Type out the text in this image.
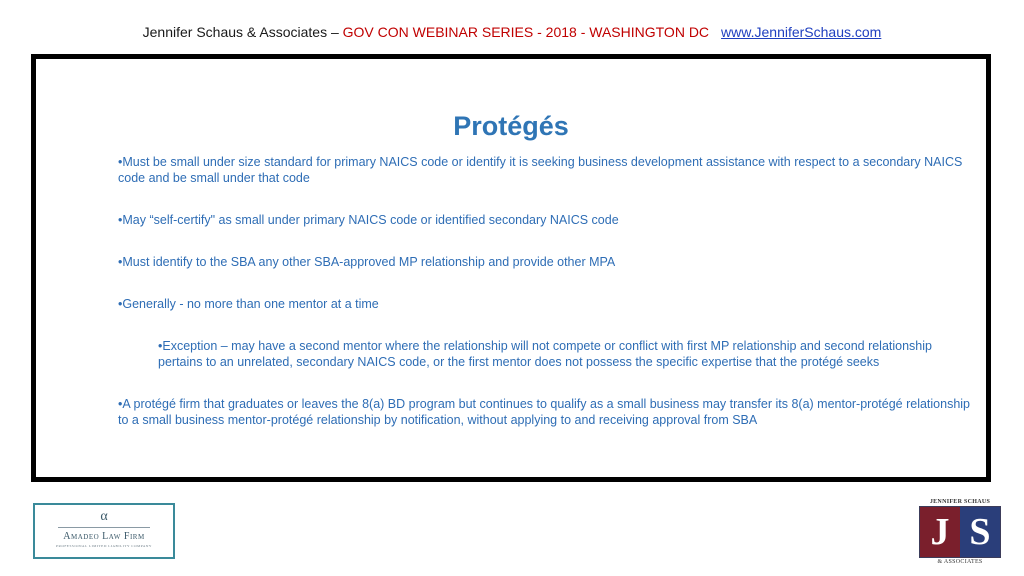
Jennifer Schaus & Associates – GOV CON WEBINAR SERIES - 2018 - WASHINGTON DC www.JenniferSchaus.com
Protégés
•Must be small under size standard for primary NAICS code or identify it is seeking business development assistance with respect to a secondary NAICS code and be small under that code
•May “self-certify" as small under primary NAICS code or identified secondary NAICS code
•Must identify to the SBA any other SBA-approved MP relationship and provide other MPA
•Generally - no more than one mentor at a time
•Exception – may have a second mentor where the relationship will not compete or conflict with first MP relationship and second relationship pertains to an unrelated, secondary NAICS code, or the first mentor does not possess the specific expertise that the protégé seeks
•A protégé firm that graduates or leaves the 8(a) BD program but continues to qualify as a small business may transfer its 8(a) mentor-protégé relationship to a small business mentor-protégé relationship by notification, without applying to and receiving approval from SBA
α
Amadeo Law Firm
PROFESSIONAL LIMITED LIABILITY COMPANY
JENNIFER SCHAUS
J S
& ASSOCIATES
